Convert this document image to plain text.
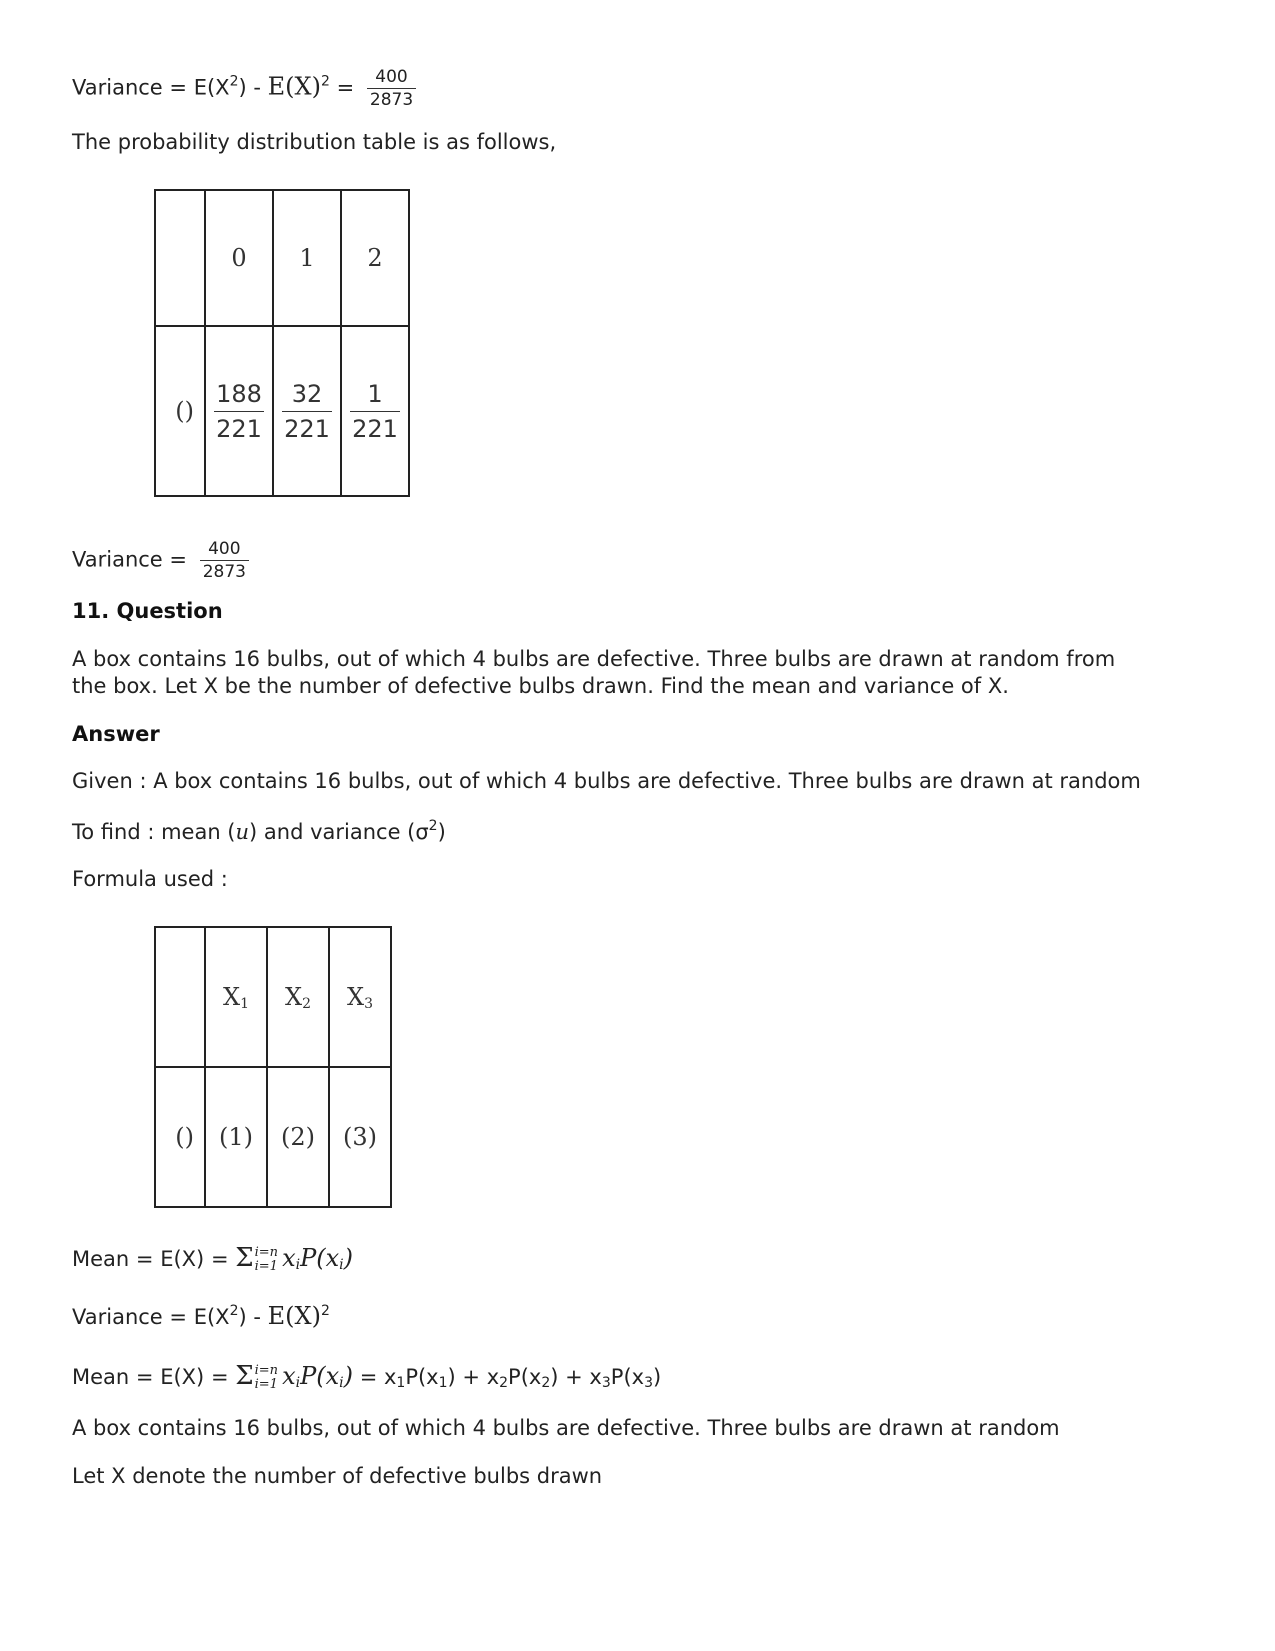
Variance = $E(X^2) - E(X)^2 = \frac{400}{2873}$
The probability distribution table is as follows,
	0	1	2
()	$\frac{188}{221}$	$\frac{32}{221}$	$\frac{1}{221}$
Variance = $\frac{400}{2873}$
11. Question
A box contains 16 bulbs, out of which 4 bulbs are defective. Three bulbs are drawn at random from
the box. Let X be the number of defective bulbs drawn. Find the mean and variance of X.
Answer
Given : A box contains 16 bulbs, out of which 4 bulbs are defective. Three bulbs are drawn at random
To find : mean (u) and variance $(\sigma^2)$
Formula used :
	$X_1$	$X_2$	$X_3$
()	(1)	(2)	(3)
Mean = E(X) = Σ i=n
i=1 $x_iP(x_i)$
Variance = $E(X^2) - E(X)^2$
Mean = E(X) = Σ i=n
i=1 $x_iP(x_i) = x_1P(x_1) + x_2P(x_2) + x_3P(x_3)$
A box contains 16 bulbs, out of which 4 bulbs are defective. Three bulbs are drawn at random
Let X denote the number of defective bulbs drawn
